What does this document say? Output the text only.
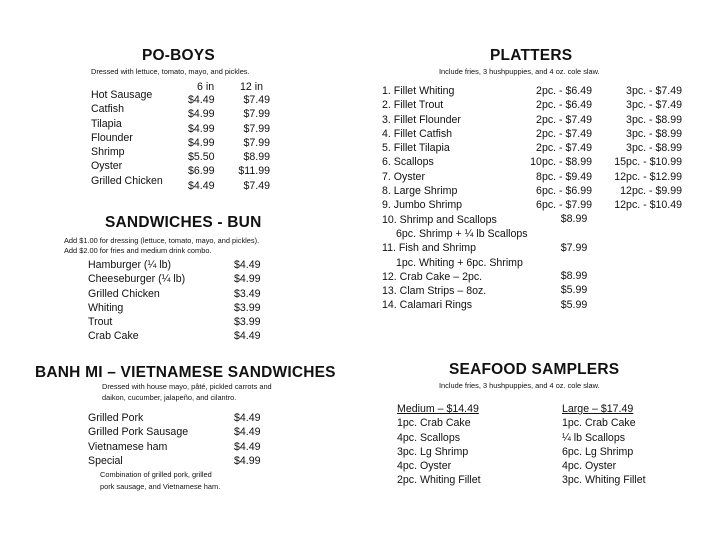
PO-BOYS
Dressed with lettuce, tomato, mayo, and pickles.
6 in 12 in
Hot Sausage
Catfish
Tilapia
Flounder
Shrimp
Oyster
Grilled Chicken
$4.49
$4.99
$4.99
$4.99
$5.50
$6.99
$4.49
$7.49
$7.99
$7.99
$7.99
$8.99
$11.99
$7.49
SANDWICHES - BUN
Add $1.00 for dressing (lettuce, tomato, mayo, and pickles).
Add $2.00 for fries and medium drink combo.
Hamburger (¼ lb)
Cheeseburger (¼ lb)
Grilled Chicken
Whiting
Trout
Crab Cake
$4.49
$4.99
$3.49
$3.99
$3.99
$4.49
BANH MI – VIETNAMESE SANDWICHES
Dressed with house mayo, pâté, pickled carrots and
daikon, cucumber, jalapeño, and cilantro.
Grilled Pork
Grilled Pork Sausage
Vietnamese ham
Special
$4.49
$4.49
$4.49
$4.99
Combination of grilled pork, grilled
pork sausage, and Vietnamese ham.
PLATTERS
Include fries, 3 hushpuppies, and 4 oz. cole slaw.
1. Fillet Whiting
2. Fillet Trout
3. Fillet Flounder
4. Fillet Catfish
5. Fillet Tilapia
6. Scallops
7. Oyster
8. Large Shrimp
9. Jumbo Shrimp
10. Shrimp and Scallops
6pc. Shrimp + ¼ lb Scallops
11. Fish and Shrimp
1pc. Whiting + 6pc. Shrimp
12. Crab Cake – 2pc.
13. Clam Strips – 8oz.
14. Calamari Rings
2pc. - $6.49
2pc. - $6.49
2pc. - $7.49
2pc. - $7.49
2pc. - $7.49
10pc. - $8.99
8pc. - $9.49
6pc. - $6.99
6pc. - $7.99
$8.99
$7.99
$8.99
$5.99
$5.99
3pc. - $7.49
3pc. - $7.49
3pc. - $8.99
3pc. - $8.99
3pc. - $8.99
15pc. - $10.99
12pc. - $12.99
12pc. - $9.99
12pc. - $10.49
SEAFOOD SAMPLERS
Include fries, 3 hushpuppies, and 4 oz. cole slaw.
Medium – $14.49
1pc. Crab Cake
4pc. Scallops
3pc. Lg Shrimp
4pc. Oyster
2pc. Whiting Fillet
Large – $17.49
1pc. Crab Cake
¼ lb Scallops
6pc. Lg Shrimp
4pc. Oyster
3pc. Whiting Fillet
